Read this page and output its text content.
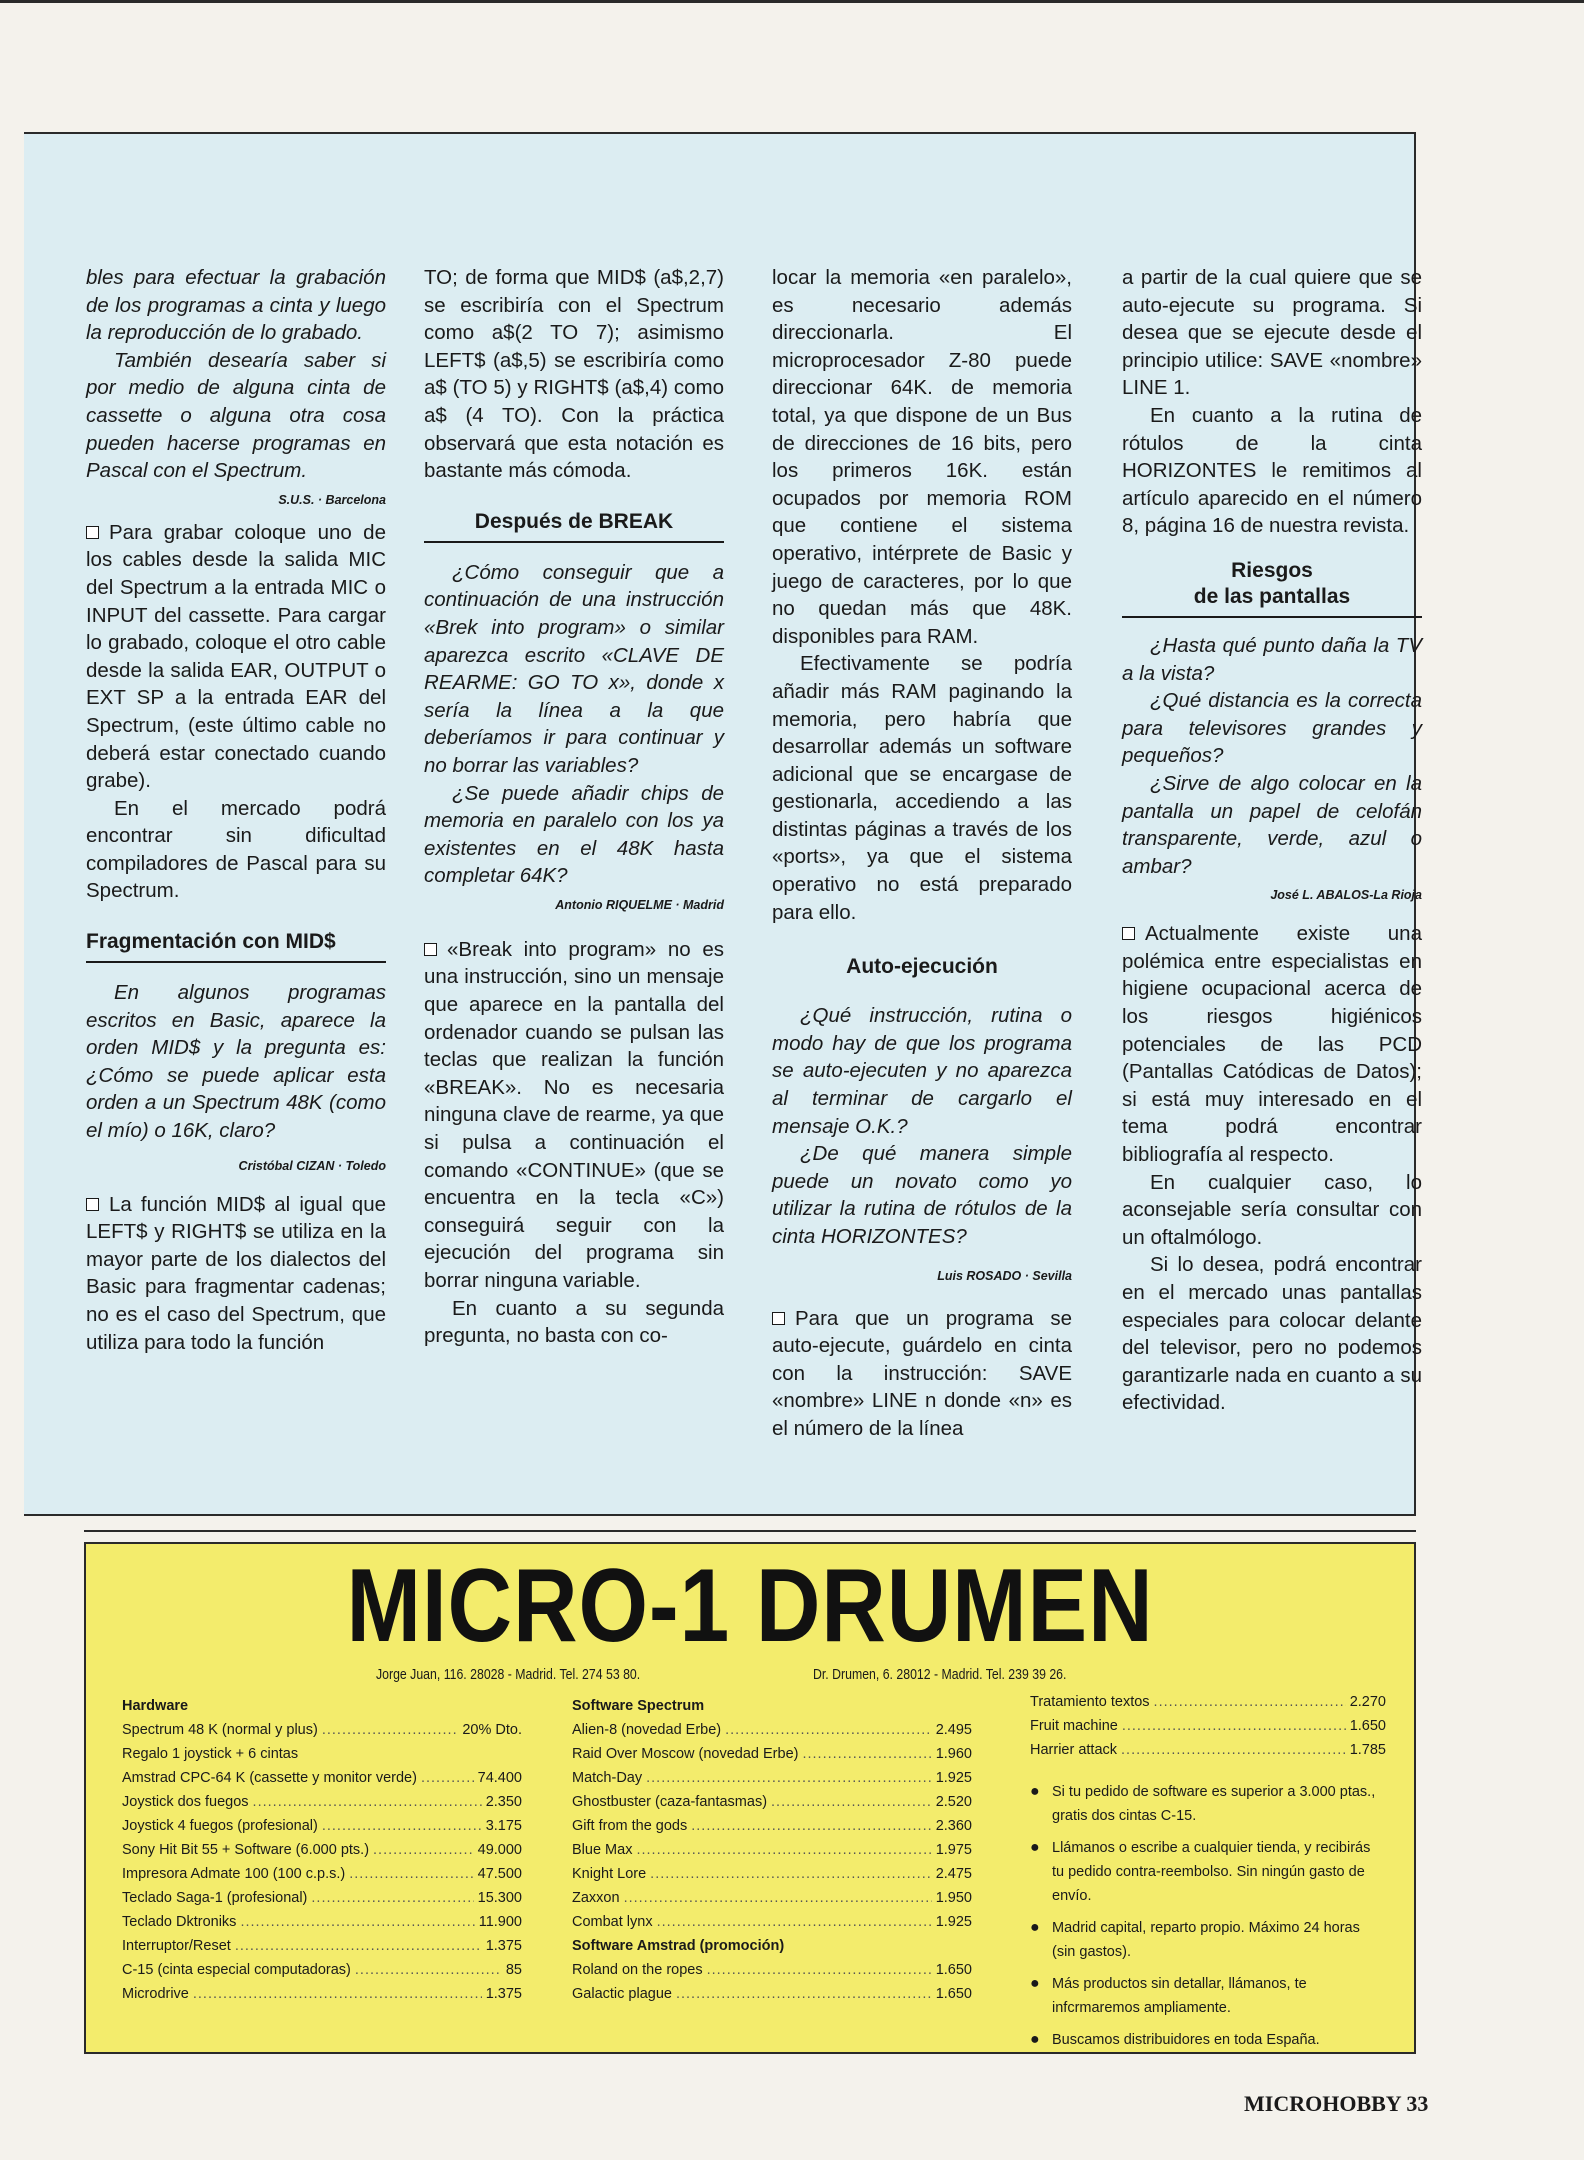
bles para efectuar la grabación de los programas a cinta y luego la reproducción de lo grabado.

También desearía saber si por medio de alguna cinta de cassette o alguna otra cosa pueden hacerse programas en Pascal con el Spectrum.

S.U.S. · Barcelona

Para grabar coloque uno de los cables desde la salida MIC del Spectrum a la entrada MIC o INPUT del cassette. Para cargar lo grabado, coloque el otro cable desde la salida EAR, OUTPUT o EXT SP a la entrada EAR del Spectrum, (este último cable no deberá estar conectado cuando grabe).

En el mercado podrá encontrar sin dificultad compiladores de Pascal para su Spectrum.

Fragmentación con MID$

En algunos programas escritos en Basic, aparece la orden MID$ y la pregunta es: ¿Cómo se puede aplicar esta orden a un Spectrum 48K (como el mío) o 16K, claro?

Cristóbal CIZAN · Toledo

La función MID$ al igual que LEFT$ y RIGHT$ se utiliza en la mayor parte de los dialectos del Basic para fragmentar cadenas; no es el caso del Spectrum, que utiliza para todo la función

TO; de forma que MID$ (a$,2,7) se escribiría con el Spectrum como a$(2 TO 7); asimismo LEFT$ (a$,5) se escribiría como a$ (TO 5) y RIGHT$ (a$,4) como a$ (4 TO). Con la práctica observará que esta notación es bastante más cómoda.

Después de BREAK

¿Cómo conseguir que a continuación de una instrucción «Brek into program» o similar aparezca escrito «CLAVE DE REARME: GO TO x», donde x sería la línea a la que deberíamos ir para continuar y no borrar las variables?

¿Se puede añadir chips de memoria en paralelo con los ya existentes en el 48K hasta completar 64K?

Antonio RIQUELME · Madrid

«Break into program» no es una instrucción, sino un mensaje que aparece en la pantalla del ordenador cuando se pulsan las teclas que realizan la función «BREAK». No es necesaria ninguna clave de rearme, ya que si pulsa a continuación el comando «CONTINUE» (que se encuentra en la tecla «C») conseguirá seguir con la ejecución del programa sin borrar ninguna variable.

En cuanto a su segunda pregunta, no basta con co-

locar la memoria «en paralelo», es necesario además direccionarla. El microprocesador Z-80 puede direccionar 64K. de memoria total, ya que dispone de un Bus de direcciones de 16 bits, pero los primeros 16K. están ocupados por memoria ROM que contiene el sistema operativo, intérprete de Basic y juego de caracteres, por lo que no quedan más que 48K. disponibles para RAM.

Efectivamente se podría añadir más RAM paginando la memoria, pero habría que desarrollar además un software adicional que se encargase de gestionarla, accediendo a las distintas páginas a través de los «ports», ya que el sistema operativo no está preparado para ello.

Auto-ejecución

¿Qué instrucción, rutina o modo hay de que los programa se auto-ejecuten y no aparezca al terminar de cargarlo el mensaje O.K.?

¿De qué manera simple puede un novato como yo utilizar la rutina de rótulos de la cinta HORIZONTES?

Luis ROSADO · Sevilla

Para que un programa se auto-ejecute, guárdelo en cinta con la instrucción: SAVE «nombre» LINE n donde «n» es el número de la línea

a partir de la cual quiere que se auto-ejecute su programa. Si desea que se ejecute desde el principio utilice: SAVE «nombre» LINE 1.

En cuanto a la rutina de rótulos de la cinta HORIZONTES le remitimos al artículo aparecido en el número 8, página 16 de nuestra revista.

Riesgos
de las pantallas

¿Hasta qué punto daña la TV a la vista?

¿Qué distancia es la correcta para televisores grandes y pequeños?

¿Sirve de algo colocar en la pantalla un papel de celofán transparente, verde, azul o ambar?

José L. ABALOS-La Rioja

Actualmente existe una polémica entre especialistas en higiene ocupacional acerca de los riesgos higiénicos potenciales de las PCD (Pantallas Catódicas de Datos); si está muy interesado en el tema podrá encontrar bibliografía al respecto.

En cualquier caso, lo aconsejable sería consultar con un oftalmólogo.

Si lo desea, podrá encontrar en el mercado unas pantallas especiales para colocar delante del televisor, pero no podemos garantizarle nada en cuanto a su efectividad.

MICRO-1 DRUMEN
Jorge Juan, 116. 28028 - Madrid. Tel. 274 53 80.	Dr. Drumen, 6. 28012 - Madrid. Tel. 239 39 26.
Hardware
Spectrum 48 K (normal y plus) .....	20% Dto.
Regalo 1 joystick + 6 cintas
Amstrad CPC-64 K (cassette y monitor verde) .....	74.400
Joystick dos fuegos .....	2.350
Joystick 4 fuegos (profesional) .....	3.175
Sony Hit Bit 55 + Software (6.000 pts.) .....	49.000
Impresora Admate 100 (100 c.p.s.) .....	47.500
Teclado Saga-1 (profesional) .....	15.300
Teclado Dktroniks .....	11.900
Interruptor/Reset .....	1.375
C-15 (cinta especial computadoras) .....	85
Microdrive .....	1.375
Software Spectrum
Alien-8 (novedad Erbe) .....	2.495
Raid Over Moscow (novedad Erbe) .....	1.960
Match-Day .....	1.925
Ghostbuster (caza-fantasmas) .....	2.520
Gift from the gods .....	2.360
Blue Max .....	1.975
Knight Lore .....	2.475
Zaxxon .....	1.950
Combat lynx .....	1.925
Software Amstrad (promoción)
Roland on the ropes .....	1.650
Galactic plague .....	1.650
Tratamiento textos .....	2.270
Fruit machine .....	1.650
Harrier attack .....	1.785
● Si tu pedido de software es superior a 3.000 ptas., gratis dos cintas C-15.
● Llámanos o escribe a cualquier tienda, y recibirás tu pedido contra-reembolso. Sin ningún gasto de envío.
● Madrid capital, reparto propio. Máximo 24 horas (sin gastos).
● Más productos sin detallar, llámanos, te infcrmaremos ampliamente.
● Buscamos distribuidores en toda España.
MICROHOBBY 33
